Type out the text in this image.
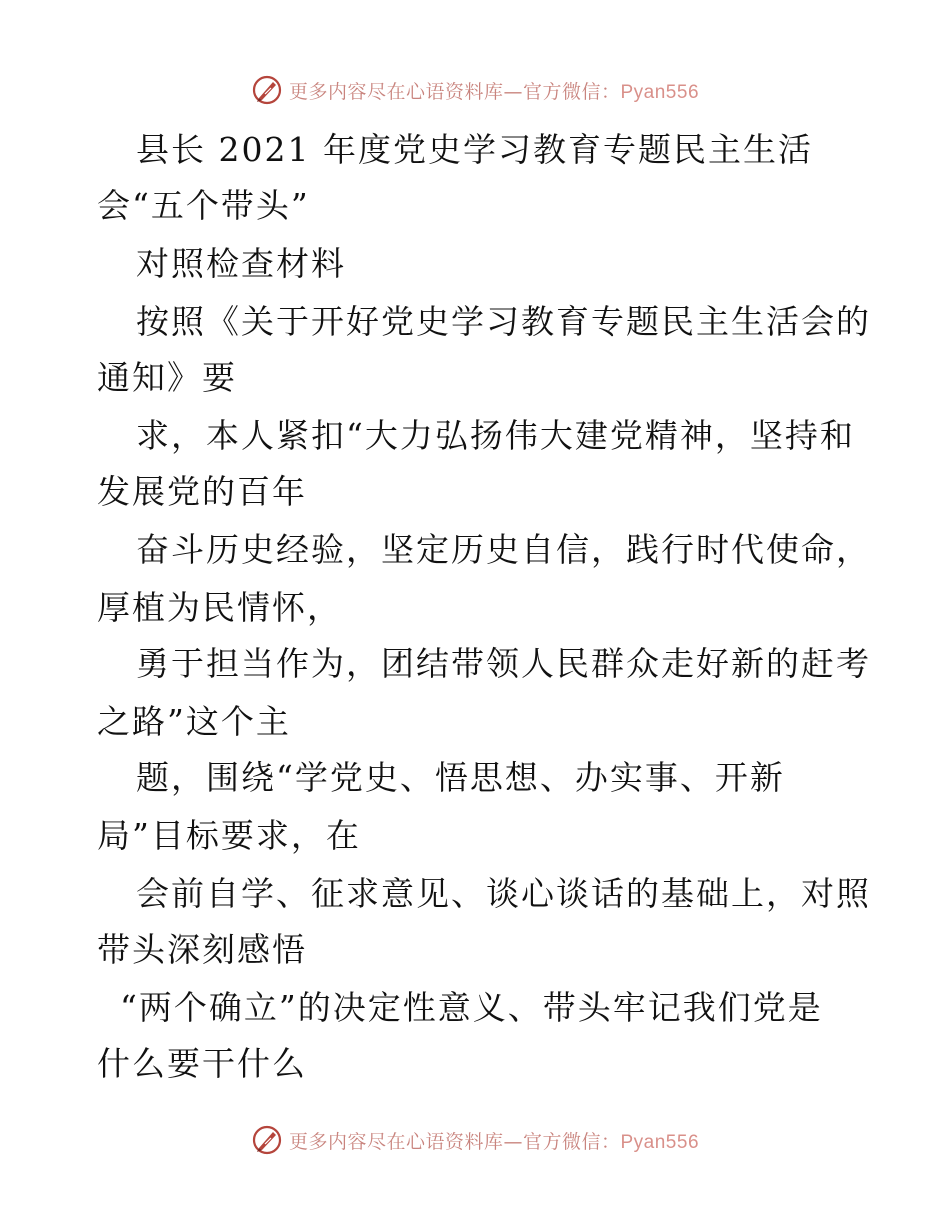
更多内容尽在心语资料库—官方微信：Pyan556
县长 2021 年度党史学习教育专题民主生活
会“五个带头”
对照检查材料
按照《关于开好党史学习教育专题民主生活会的
通知》要
求，本人紧扣“大力弘扬伟大建党精神，坚持和
发展党的百年
奋斗历史经验，坚定历史自信，践行时代使命，
厚植为民情怀，
勇于担当作为，团结带领人民群众走好新的赶考
之路”这个主
题，围绕“学党史、悟思想、办实事、开新
局”目标要求，在
会前自学、征求意见、谈心谈话的基础上，对照
带头深刻感悟
“两个确立”的决定性意义、带头牢记我们党是
什么要干什么
更多内容尽在心语资料库—官方微信：Pyan556
